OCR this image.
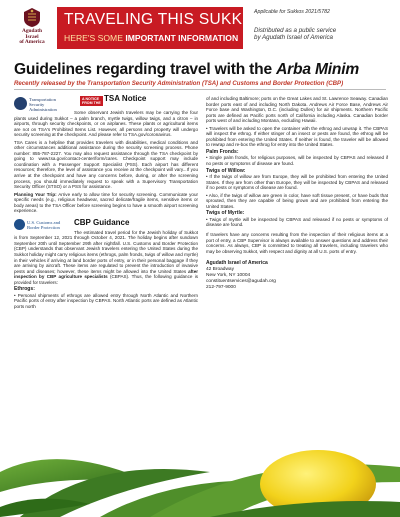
Agudath
Israel
of America
TRAVELING THIS SUKKOS?
HERE'S SOME IMPORTANT INFORMATION
Applicable for Sukkos 2021/5782
Distributed as a public service
by Agudath Israel of America
Guidelines regarding travel with the Arba Minim
Recently released by the Transportation Security Administration (TSA) and Customs and Border Protection (CBP)
Transportation
Security
Administration
A NOTICE
FROM THE TSA Notice

Some observant Jewish travelers may be carrying the four plants used during Sukkot – a palm branch, myrtle twigs, willow twigs, and a citron – in airports, through security checkpoints, or on airplanes. These plants or agricultural items are not on TSA's Prohibited Items List. However, all persons and property will undergo security screening at the checkpoint. And please refer to TSA.gov/coronavirus.

TSA Cares is a helpline that provides travelers with disabilities, medical conditions and other circumstances additional assistance during the security screening process. Phone number: 855-787-2227. You may also request assistance through the TSA checkpoint by going to www.tsa.gov/contact-center/form/cares. Checkpoint support may include coordination with a Passenger Support Specialist (PSS). Each airport has different resources; therefore, the level of assistance you receive at the checkpoint will vary...If you arrive at the checkpoint and have any concerns before, during, or after the screening process, you should immediately request to speak with a Supervisory Transportation Security Officer (STSO) or a PSS for assistance.

Planning Your Trip: Arrive early to allow time for security screening. Communicate your specific needs (e.g., religious headwear, sacred delicate/fragile items, sensitive items or body areas) to the TSA Officer before screening begins to have a smooth airport screening experience.

U.S. Customs and
Border Protection
CBP Guidance

The estimated travel period for the Jewish holiday of Sukkot is from September 12, 2021 through October 4, 2021. The holiday begins after sundown September 20th until September 29th after nightfall. U.S. Customs and Border Protection (CBP) understands that observant Jewish travelers entering the United States during the Sukkot holiday might carry religious items (ethrogs, palm fronds, twigs of willow and myrtle) in their vehicles if arriving at land border ports of entry, or in their personal baggage if they are arriving by aircraft. These items are regulated to prevent the introduction of invasive pests and diseases; however, these items might be allowed into the United States after inspection by CBP agriculture specialists (CBPAS). Thus, the following guidance is provided for travelers:

Ethrogs:

• Personal shipments of ethrogs are allowed entry through North Atlantic and Northern Pacific ports of entry after inspection by CBPAS. North Atlantic ports are defined as Atlantic ports north

of and including Baltimore; ports on the Great Lakes and St. Lawrence Seaway. Canadian border ports east of and including North Dakota. Andrews Air Force Base, Andrews Air Force base and Washington, D.C. (including Dulles) for air shipments. Northern Pacific ports are defined as Pacific ports north of California including Alaska. Canadian border ports west of and including Montana, excluding Hawaii.

• Travelers will be asked to open the container with the ethrog and unwrap it. The CBPAS will inspect the ethrog. If either stinger of an insect or pests are found, the ethrog will be prohibited from entering the United States. If neither is found, the traveler will be allowed to rewrap and re-box the ethrog for entry into the United States.

Palm Fronds:

• Single palm fronds, for religious purposes, will be inspected by CBPAS and released if no pests or symptoms of disease are found.

Twigs of Willow:

• If the twigs of willow are from Europe, they will be prohibited from entering the United States. If they are from other than Europe, they will be inspected by CBPAS and released if no pests or symptoms of disease are found.

• Also, if the twigs of willow are green in color, have soft tissue present, or have buds that sprouted, then they are capable of being grown and are prohibited from entering the United States.

Twigs of Myrtle:

• Twigs of myrtle will be inspected by CBPAS and released if no pests or symptoms of disease are found.

If travelers have any concerns resulting from the inspection of their religious items at a port of entry, a CBP Supervisor is always available to answer questions and address their concerns. As always, CBP is committed to treating all travelers, including travelers who may be observing Sukkot, with respect and dignity at all U.S. ports of entry.

Agudath Israel of America
42 Broadway
New York, NY 10004
constituentservices@agudah.org
212-797-9000
